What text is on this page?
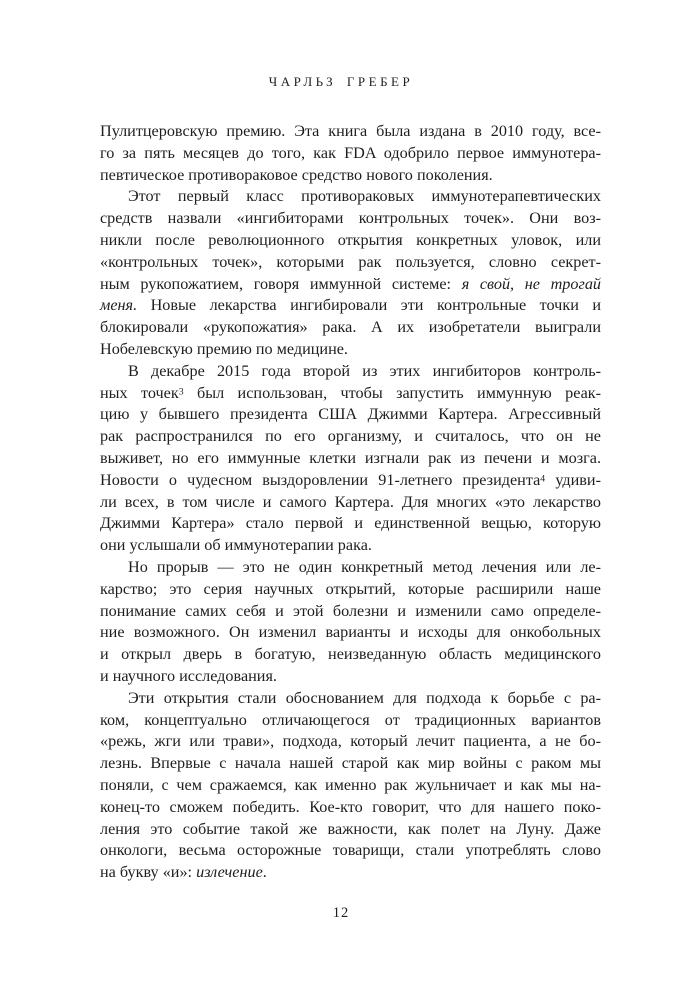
ЧАРЛЬЗ ГРЕБЕР
Пулитцеровскую премию. Эта книга была издана в 2010 году, все-
го за пять месяцев до того, как FDA одобрило первое иммунотера-
певтическое противораковое средство нового поколения.
Этот первый класс противораковых иммунотерапевтических
средств назвали «ингибиторами контрольных точек». Они воз-
никли после революционного открытия конкретных уловок, или
«контрольных точек», которыми рак пользуется, словно секрет-
ным рукопожатием, говоря иммунной системе: я свой, не трогай
меня. Новые лекарства ингибировали эти контрольные точки и
блокировали «рукопожатия» рака. А их изобретатели выиграли
Нобелевскую премию по медицине.
В декабре 2015 года второй из этих ингибиторов контроль-
ных точек$^3$ был использован, чтобы запустить иммунную реак-
цию у бывшего президента США Джимми Картера. Агрессивный
рак распространился по его организму, и считалось, что он не
выживет, но его иммунные клетки изгнали рак из печени и мозга.
Новости о чудесном выздоровлении 91-летнего президента$^4$ удиви-
ли всех, в том числе и самого Картера. Для многих «это лекарство
Джимми Картера» стало первой и единственной вещью, которую
они услышали об иммунотерапии рака.
Но прорыв — это не один конкретный метод лечения или ле-
карство; это серия научных открытий, которые расширили наше
понимание самих себя и этой болезни и изменили само определе-
ние возможного. Он изменил варианты и исходы для онкобольных
и открыл дверь в богатую, неизведанную область медицинского
и научного исследования.
Эти открытия стали обоснованием для подхода к борьбе с ра-
ком, концептуально отличающегося от традиционных вариантов
«режь, жги или трави», подхода, который лечит пациента, а не бо-
лезнь. Впервые с начала нашей старой как мир войны с раком мы
поняли, с чем сражаемся, как именно рак жульничает и как мы на-
конец-то сможем победить. Кое-кто говорит, что для нашего поко-
ления это событие такой же важности, как полет на Луну. Даже
онкологи, весьма осторожные товарищи, стали употреблять слово
на букву «и»: излечение.
12
